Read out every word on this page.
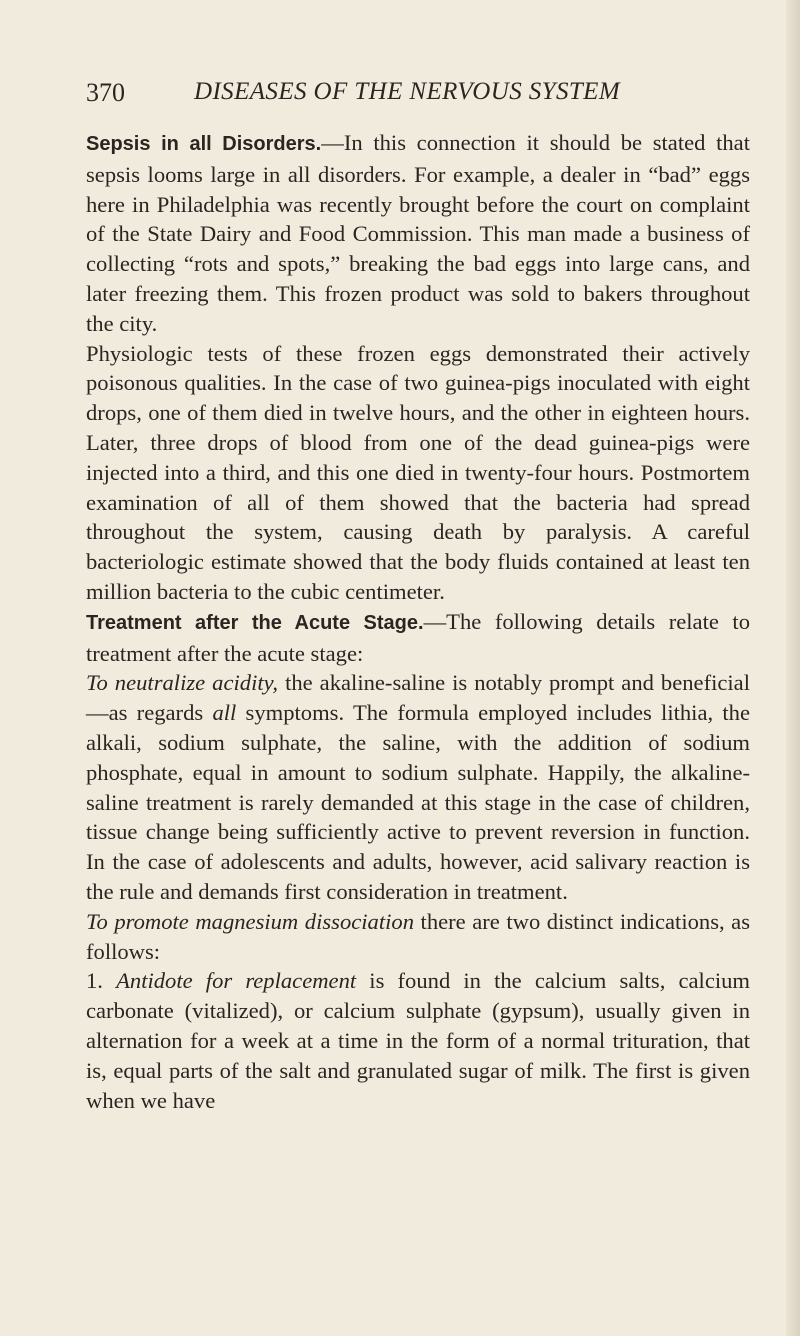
370	DISEASES OF THE NERVOUS SYSTEM

Sepsis in all Disorders.—In this connection it should be stated that sepsis looms large in all disorders. For example, a dealer in “bad” eggs here in Philadelphia was recently brought before the court on complaint of the State Dairy and Food Commission. This man made a business of collecting “rots and spots,” breaking the bad eggs into large cans, and later freezing them. This frozen product was sold to bakers throughout the city.

Physiologic tests of these frozen eggs demonstrated their actively poisonous qualities. In the case of two guinea-pigs inoculated with eight drops, one of them died in twelve hours, and the other in eighteen hours. Later, three drops of blood from one of the dead guinea-pigs were injected into a third, and this one died in twenty-four hours. Postmortem examination of all of them showed that the bacteria had spread throughout the system, causing death by paralysis. A careful bacteriologic estimate showed that the body fluids contained at least ten million bacteria to the cubic centimeter.

Treatment after the Acute Stage.—The following details relate to treatment after the acute stage:

To neutralize acidity, the akaline-saline is notably prompt and beneficial—as regards all symptoms. The formula employed includes lithia, the alkali, sodium sulphate, the saline, with the addition of sodium phosphate, equal in amount to sodium sulphate. Happily, the alkaline-saline treatment is rarely demanded at this stage in the case of children, tissue change being sufficiently active to prevent reversion in function. In the case of adolescents and adults, however, acid salivary reaction is the rule and demands first consideration in treatment.

To promote magnesium dissociation there are two distinct indications, as follows:

1. Antidote for replacement is found in the calcium salts, calcium carbonate (vitalized), or calcium sulphate (gypsum), usually given in alternation for a week at a time in the form of a normal trituration, that is, equal parts of the salt and granulated sugar of milk. The first is given when we have
